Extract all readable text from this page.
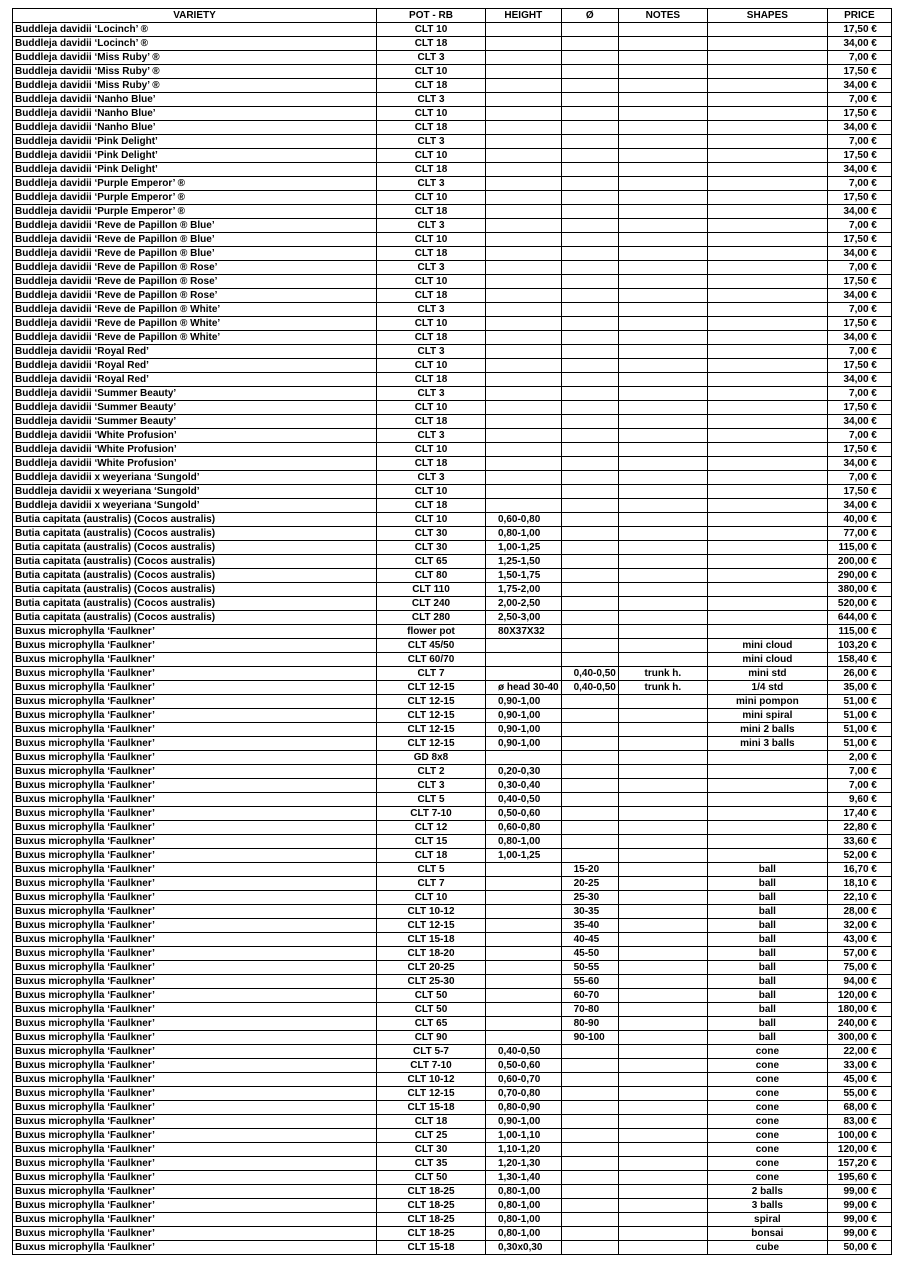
VARIETY	POT - RB	HEIGHT	Ø	NOTES	SHAPES	PRICE
Buddleja davidii ‘Locinch’ ®	CLT 10					17,50 €
Buddleja davidii ‘Locinch’ ®	CLT 18					34,00 €
Buddleja davidii ‘Miss Ruby’ ®	CLT 3					7,00 €
Buddleja davidii ‘Miss Ruby’ ®	CLT 10					17,50 €
Buddleja davidii ‘Miss Ruby’ ®	CLT 18					34,00 €
Buddleja davidii ‘Nanho Blue’	CLT 3					7,00 €
Buddleja davidii ‘Nanho Blue’	CLT 10					17,50 €
Buddleja davidii ‘Nanho Blue’	CLT 18					34,00 €
Buddleja davidii ‘Pink Delight’	CLT 3					7,00 €
Buddleja davidii ‘Pink Delight’	CLT 10					17,50 €
Buddleja davidii ‘Pink Delight’	CLT 18					34,00 €
Buddleja davidii ‘Purple Emperor’ ®	CLT 3					7,00 €
Buddleja davidii ‘Purple Emperor’ ®	CLT 10					17,50 €
Buddleja davidii ‘Purple Emperor’ ®	CLT 18					34,00 €
Buddleja davidii ‘Reve de Papillon ® Blue’	CLT 3					7,00 €
Buddleja davidii ‘Reve de Papillon ® Blue’	CLT 10					17,50 €
Buddleja davidii ‘Reve de Papillon ® Blue’	CLT 18					34,00 €
Buddleja davidii ‘Reve de Papillon ® Rose’	CLT 3					7,00 €
Buddleja davidii ‘Reve de Papillon ® Rose’	CLT 10					17,50 €
Buddleja davidii ‘Reve de Papillon ® Rose’	CLT 18					34,00 €
Buddleja davidii ‘Reve de Papillon ® White’	CLT 3					7,00 €
Buddleja davidii ‘Reve de Papillon ® White’	CLT 10					17,50 €
Buddleja davidii ‘Reve de Papillon ® White’	CLT 18					34,00 €
Buddleja davidii ‘Royal Red’	CLT 3					7,00 €
Buddleja davidii ‘Royal Red’	CLT 10					17,50 €
Buddleja davidii ‘Royal Red’	CLT 18					34,00 €
Buddleja davidii ‘Summer Beauty’	CLT 3					7,00 €
Buddleja davidii ‘Summer Beauty’	CLT 10					17,50 €
Buddleja davidii ‘Summer Beauty’	CLT 18					34,00 €
Buddleja davidii ‘White Profusion’	CLT 3					7,00 €
Buddleja davidii ‘White Profusion’	CLT 10					17,50 €
Buddleja davidii ‘White Profusion’	CLT 18					34,00 €
Buddleja davidii x weyeriana ‘Sungold’	CLT 3					7,00 €
Buddleja davidii x weyeriana ‘Sungold’	CLT 10					17,50 €
Buddleja davidii x weyeriana ‘Sungold’	CLT 18					34,00 €
Butia capitata (australis) (Cocos australis)	CLT 10	0,60-0,80				40,00 €
Butia capitata (australis) (Cocos australis)	CLT 30	0,80-1,00				77,00 €
Butia capitata (australis) (Cocos australis)	CLT 30	1,00-1,25				115,00 €
Butia capitata (australis) (Cocos australis)	CLT 65	1,25-1,50				200,00 €
Butia capitata (australis) (Cocos australis)	CLT 80	1,50-1,75				290,00 €
Butia capitata (australis) (Cocos australis)	CLT 110	1,75-2,00				380,00 €
Butia capitata (australis) (Cocos australis)	CLT 240	2,00-2,50				520,00 €
Butia capitata (australis) (Cocos australis)	CLT 280	2,50-3,00				644,00 €
Buxus microphylla ‘Faulkner’	flower pot	80X37X32				115,00 €
Buxus microphylla ‘Faulkner’	CLT 45/50				mini cloud	103,20 €
Buxus microphylla ‘Faulkner’	CLT 60/70				mini cloud	158,40 €
Buxus microphylla ‘Faulkner’	CLT 7		0,40-0,50	trunk h.	mini std	26,00 €
Buxus microphylla ‘Faulkner’	CLT 12-15	ø head 30-40	0,40-0,50	trunk h.	1/4 std	35,00 €
Buxus microphylla ‘Faulkner’	CLT 12-15	0,90-1,00			mini pompon	51,00 €
Buxus microphylla ‘Faulkner’	CLT 12-15	0,90-1,00			mini spiral	51,00 €
Buxus microphylla ‘Faulkner’	CLT 12-15	0,90-1,00			mini 2 balls	51,00 €
Buxus microphylla ‘Faulkner’	CLT 12-15	0,90-1,00			mini 3 balls	51,00 €
Buxus microphylla ‘Faulkner’	GD 8x8					2,00 €
Buxus microphylla ‘Faulkner’	CLT 2	0,20-0,30				7,00 €
Buxus microphylla ‘Faulkner’	CLT 3	0,30-0,40				7,00 €
Buxus microphylla ‘Faulkner’	CLT 5	0,40-0,50				9,60 €
Buxus microphylla ‘Faulkner’	CLT 7-10	0,50-0,60				17,40 €
Buxus microphylla ‘Faulkner’	CLT 12	0,60-0,80				22,80 €
Buxus microphylla ‘Faulkner’	CLT 15	0,80-1,00				33,60 €
Buxus microphylla ‘Faulkner’	CLT 18	1,00-1,25				52,00 €
Buxus microphylla ‘Faulkner’	CLT 5		15-20		ball	16,70 €
Buxus microphylla ‘Faulkner’	CLT 7		20-25		ball	18,10 €
Buxus microphylla ‘Faulkner’	CLT 10		25-30		ball	22,10 €
Buxus microphylla ‘Faulkner’	CLT 10-12		30-35		ball	28,00 €
Buxus microphylla ‘Faulkner’	CLT 12-15		35-40		ball	32,00 €
Buxus microphylla ‘Faulkner’	CLT 15-18		40-45		ball	43,00 €
Buxus microphylla ‘Faulkner’	CLT 18-20		45-50		ball	57,00 €
Buxus microphylla ‘Faulkner’	CLT 20-25		50-55		ball	75,00 €
Buxus microphylla ‘Faulkner’	CLT 25-30		55-60		ball	94,00 €
Buxus microphylla ‘Faulkner’	CLT 50		60-70		ball	120,00 €
Buxus microphylla ‘Faulkner’	CLT 50		70-80		ball	180,00 €
Buxus microphylla ‘Faulkner’	CLT 65		80-90		ball	240,00 €
Buxus microphylla ‘Faulkner’	CLT 90		90-100		ball	300,00 €
Buxus microphylla ‘Faulkner’	CLT 5-7	0,40-0,50			cone	22,00 €
Buxus microphylla ‘Faulkner’	CLT 7-10	0,50-0,60			cone	33,00 €
Buxus microphylla ‘Faulkner’	CLT 10-12	0,60-0,70			cone	45,00 €
Buxus microphylla ‘Faulkner’	CLT 12-15	0,70-0,80			cone	55,00 €
Buxus microphylla ‘Faulkner’	CLT 15-18	0,80-0,90			cone	68,00 €
Buxus microphylla ‘Faulkner’	CLT 18	0,90-1,00			cone	83,00 €
Buxus microphylla ‘Faulkner’	CLT 25	1,00-1,10			cone	100,00 €
Buxus microphylla ‘Faulkner’	CLT 30	1,10-1,20			cone	120,00 €
Buxus microphylla ‘Faulkner’	CLT 35	1,20-1,30			cone	157,20 €
Buxus microphylla ‘Faulkner’	CLT 50	1,30-1,40			cone	195,60 €
Buxus microphylla ‘Faulkner’	CLT 18-25	0,80-1,00			2 balls	99,00 €
Buxus microphylla ‘Faulkner’	CLT 18-25	0,80-1,00			3 balls	99,00 €
Buxus microphylla ‘Faulkner’	CLT 18-25	0,80-1,00			spiral	99,00 €
Buxus microphylla ‘Faulkner’	CLT 18-25	0,80-1,00			bonsai	99,00 €
Buxus microphylla ‘Faulkner’	CLT 15-18	0,30x0,30			cube	50,00 €
